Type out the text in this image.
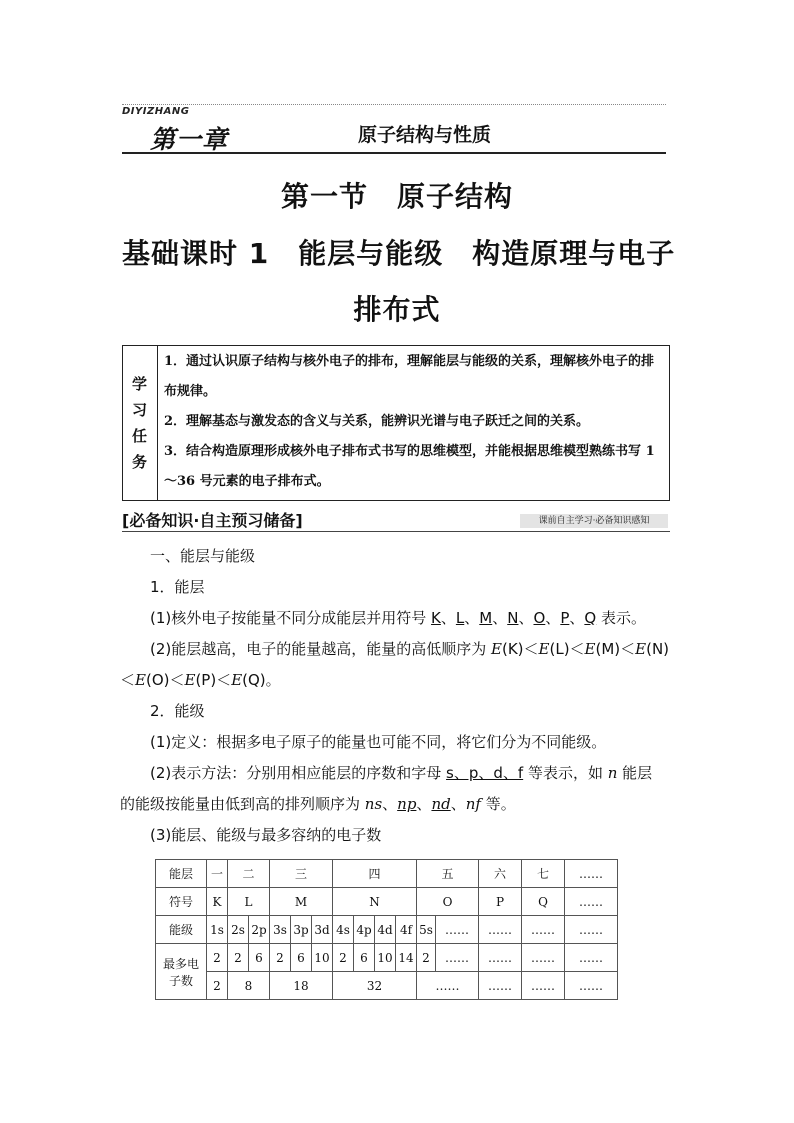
DIYIZHANG
第一章	原子结构与性质
第一节　原子结构
基础课时 1　能层与能级　构造原理与电子
排布式
学
习
任
务

1．通过认识原子结构与核外电子的排布，理解能层与能级的关系，理解核外电子的排布规律。

2．理解基态与激发态的含义与关系，能辨识光谱与电子跃迁之间的关系。

3．结合构造原理形成核外电子排布式书写的思维模型，并能根据思维模型熟练书写 1～36 号元素的电子排布式。

[必备知识·自主预习储备]	课前自主学习·必备知识感知
一、能层与能级
1．能层
(1)核外电子按能量不同分成能层并用符号 K、L、M、N、O、P、Q 表示。
(2)能层越高，电子的能量越高，能量的高低顺序为 E(K)＜E(L)＜E(M)＜E(N)
＜E(O)＜E(P)＜E(Q)。
2．能级
(1)定义：根据多电子原子的能量也可能不同，将它们分为不同能级。
(2)表示方法：分别用相应能层的序数和字母 s、p、d、f 等表示，如 n 能层
的能级按能量由低到高的排列顺序为 ns、np、nd、nf 等。
(3)能层、能级与最多容纳的电子数
能层	一	二		三			四				五		六	七	……
符号	K	L		M			N				O		P	Q	……
能级	1s	2s	2p	3s	3p	3d	4s	4p	4d	4f	5s	……	……	……	……

最多电
子数	2	2	6	2	6	10	2	6	10	14	2	……	……	……	……
	2	8		18			32				……		……	……	……
